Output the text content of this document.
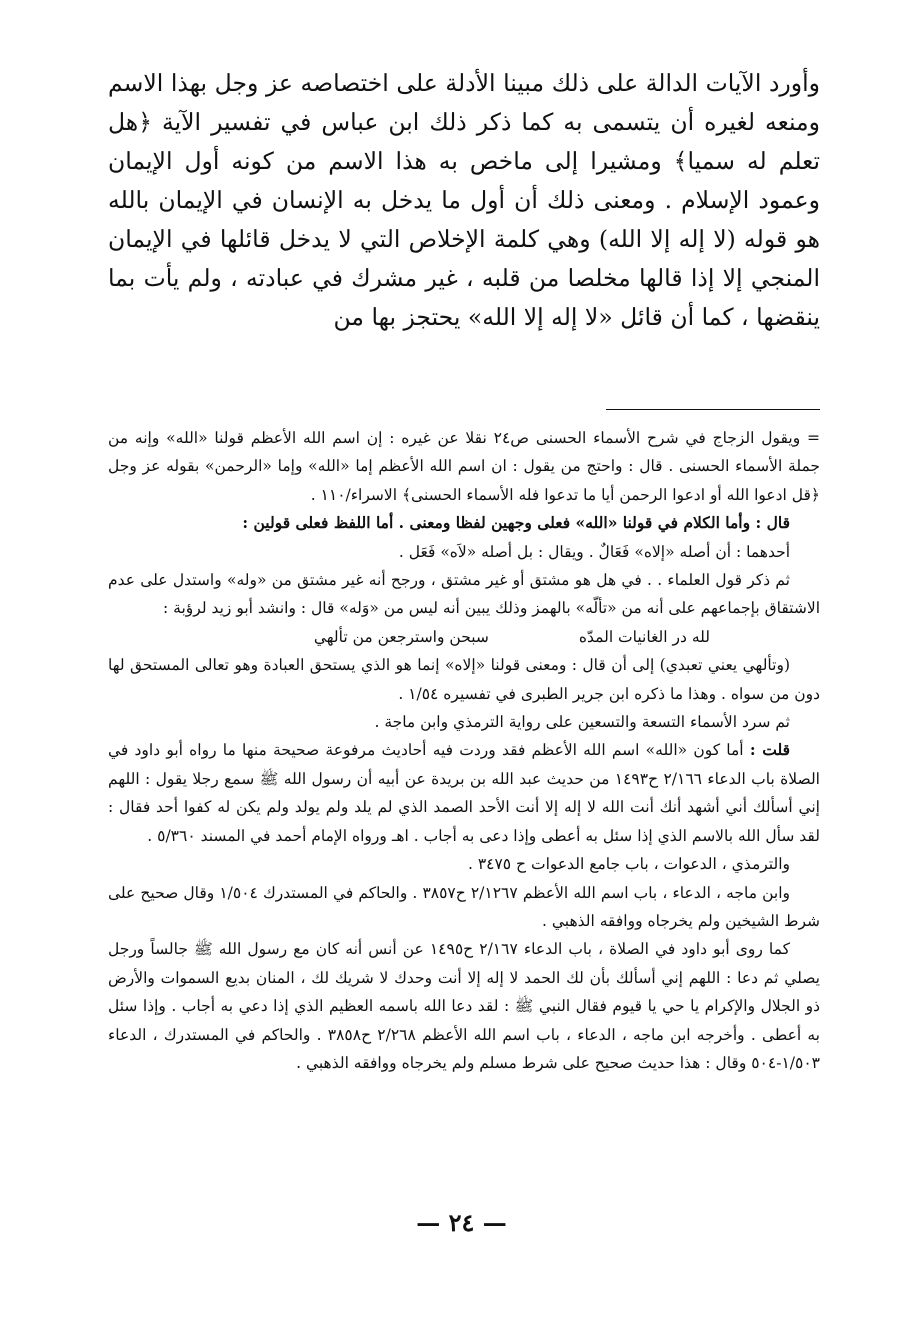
وأورد الآيات الدالة على ذلك مبينا الأدلة على اختصاصه عز وجل بهذا الاسم ومنعه لغيره أن يتسمى به كما ذكر ذلك ابن عباس في تفسير الآية ﴿هل تعلم له سميا﴾ ومشيرا إلى ماخص به هذا الاسم من كونه أول الإيمان وعمود الإسلام . ومعنى ذلك أن أول ما يدخل به الإنسان في الإيمان بالله هو قوله (لا إله إلا الله) وهي كلمة الإخلاص التي لا يدخل قائلها في الإيمان المنجي إلا إذا قالها مخلصا من قلبه ، غير مشرك في عبادته ، ولم يأت بما ينقضها ، كما أن قائل «لا إله إلا الله» يحتجز بها من

= ويقول الزجاج في شرح الأسماء الحسنى ص٢٤ نقلا عن غيره : إن اسم الله الأعظم قولنا «الله» وإنه من جملة الأسماء الحسنى . قال : واحتج من يقول : ان اسم الله الأعظم إما «الله» وإما «الرحمن» بقوله عز وجل ﴿قل ادعوا الله أو ادعوا الرحمن أيا ما تدعوا فله الأسماء الحسنى﴾ الاسراء/١١٠ .

قال : وأما الكلام في قولنا «الله» فعلى وجهين لفظا ومعنى . أما اللفظ فعلى قولين :

أحدهما : أن أصله «إلاه» فَعَالٌ . ويقال : بل أصله «لاَه» فَعَل .

ثم ذكر قول العلماء . . في هل هو مشتق أو غير مشتق ، ورجح أنه غير مشتق من «وله» واستدل على عدم الاشتقاق بإجماعهم على أنه من «تألّه» بالهمز وذلك يبين أنه ليس من «وَله» قال : وانشد أبو زيد لرؤبة :

لله در الغانيات المدّه
سبحن واسترجعن من تألهي

(وتألهي يعني تعبدي) إلى أن قال : ومعنى قولنا «إلاه» إنما هو الذي يستحق العبادة وهو تعالى المستحق لها دون من سواه . وهذا ما ذكره ابن جرير الطبرى في تفسيره ١/٥٤ .

ثم سرد الأسماء التسعة والتسعين على رواية الترمذي وابن ماجة .

قلت : أما كون «الله» اسم الله الأعظم فقد وردت فيه أحاديث مرفوعة صحيحة منها ما رواه أبو داود في الصلاة باب الدعاء ٢/١٦٦ ح١٤٩٣ من حديث عبد الله بن بريدة عن أبيه أن رسول الله ﷺ سمع رجلا يقول : اللهم إني أسألك أني أشهد أنك أنت الله لا إله إلا أنت الأحد الصمد الذي لم يلد ولم يولد ولم يكن له كفوا أحد فقال : لقد سأل الله بالاسم الذي إذا سئل به أعطى وإذا دعى به أجاب . اهـ ورواه الإمام أحمد في المسند ٥/٣٦٠ .

والترمذي ، الدعوات ، باب جامع الدعوات ح ٣٤٧٥ .

وابن ماجه ، الدعاء ، باب اسم الله الأعظم ٢/١٢٦٧ ح٣٨٥٧ . والحاكم في المستدرك ١/٥٠٤ وقال صحيح على شرط الشيخين ولم يخرجاه ووافقه الذهبي .

كما روى أبو داود في الصلاة ، باب الدعاء ٢/١٦٧ ح١٤٩٥ عن أنس أنه كان مع رسول الله ﷺ جالساً ورجل يصلي ثم دعا : اللهم إني أسألك بأن لك الحمد لا إله إلا أنت وحدك لا شريك لك ، المنان بديع السموات والأرض ذو الجلال والإكرام يا حي يا قيوم فقال النبي ﷺ : لقد دعا الله باسمه العظيم الذي إذا دعي به أجاب . وإذا سئل به أعطى . وأخرجه ابن ماجه ، الدعاء ، باب اسم الله الأعظم ٢/٢٦٨ ح٣٨٥٨ . والحاكم في المستدرك ، الدعاء ١/٥٠٣-٥٠٤ وقال : هذا حديث صحيح على شرط مسلم ولم يخرجاه ووافقه الذهبي .

— ٢٤ —
